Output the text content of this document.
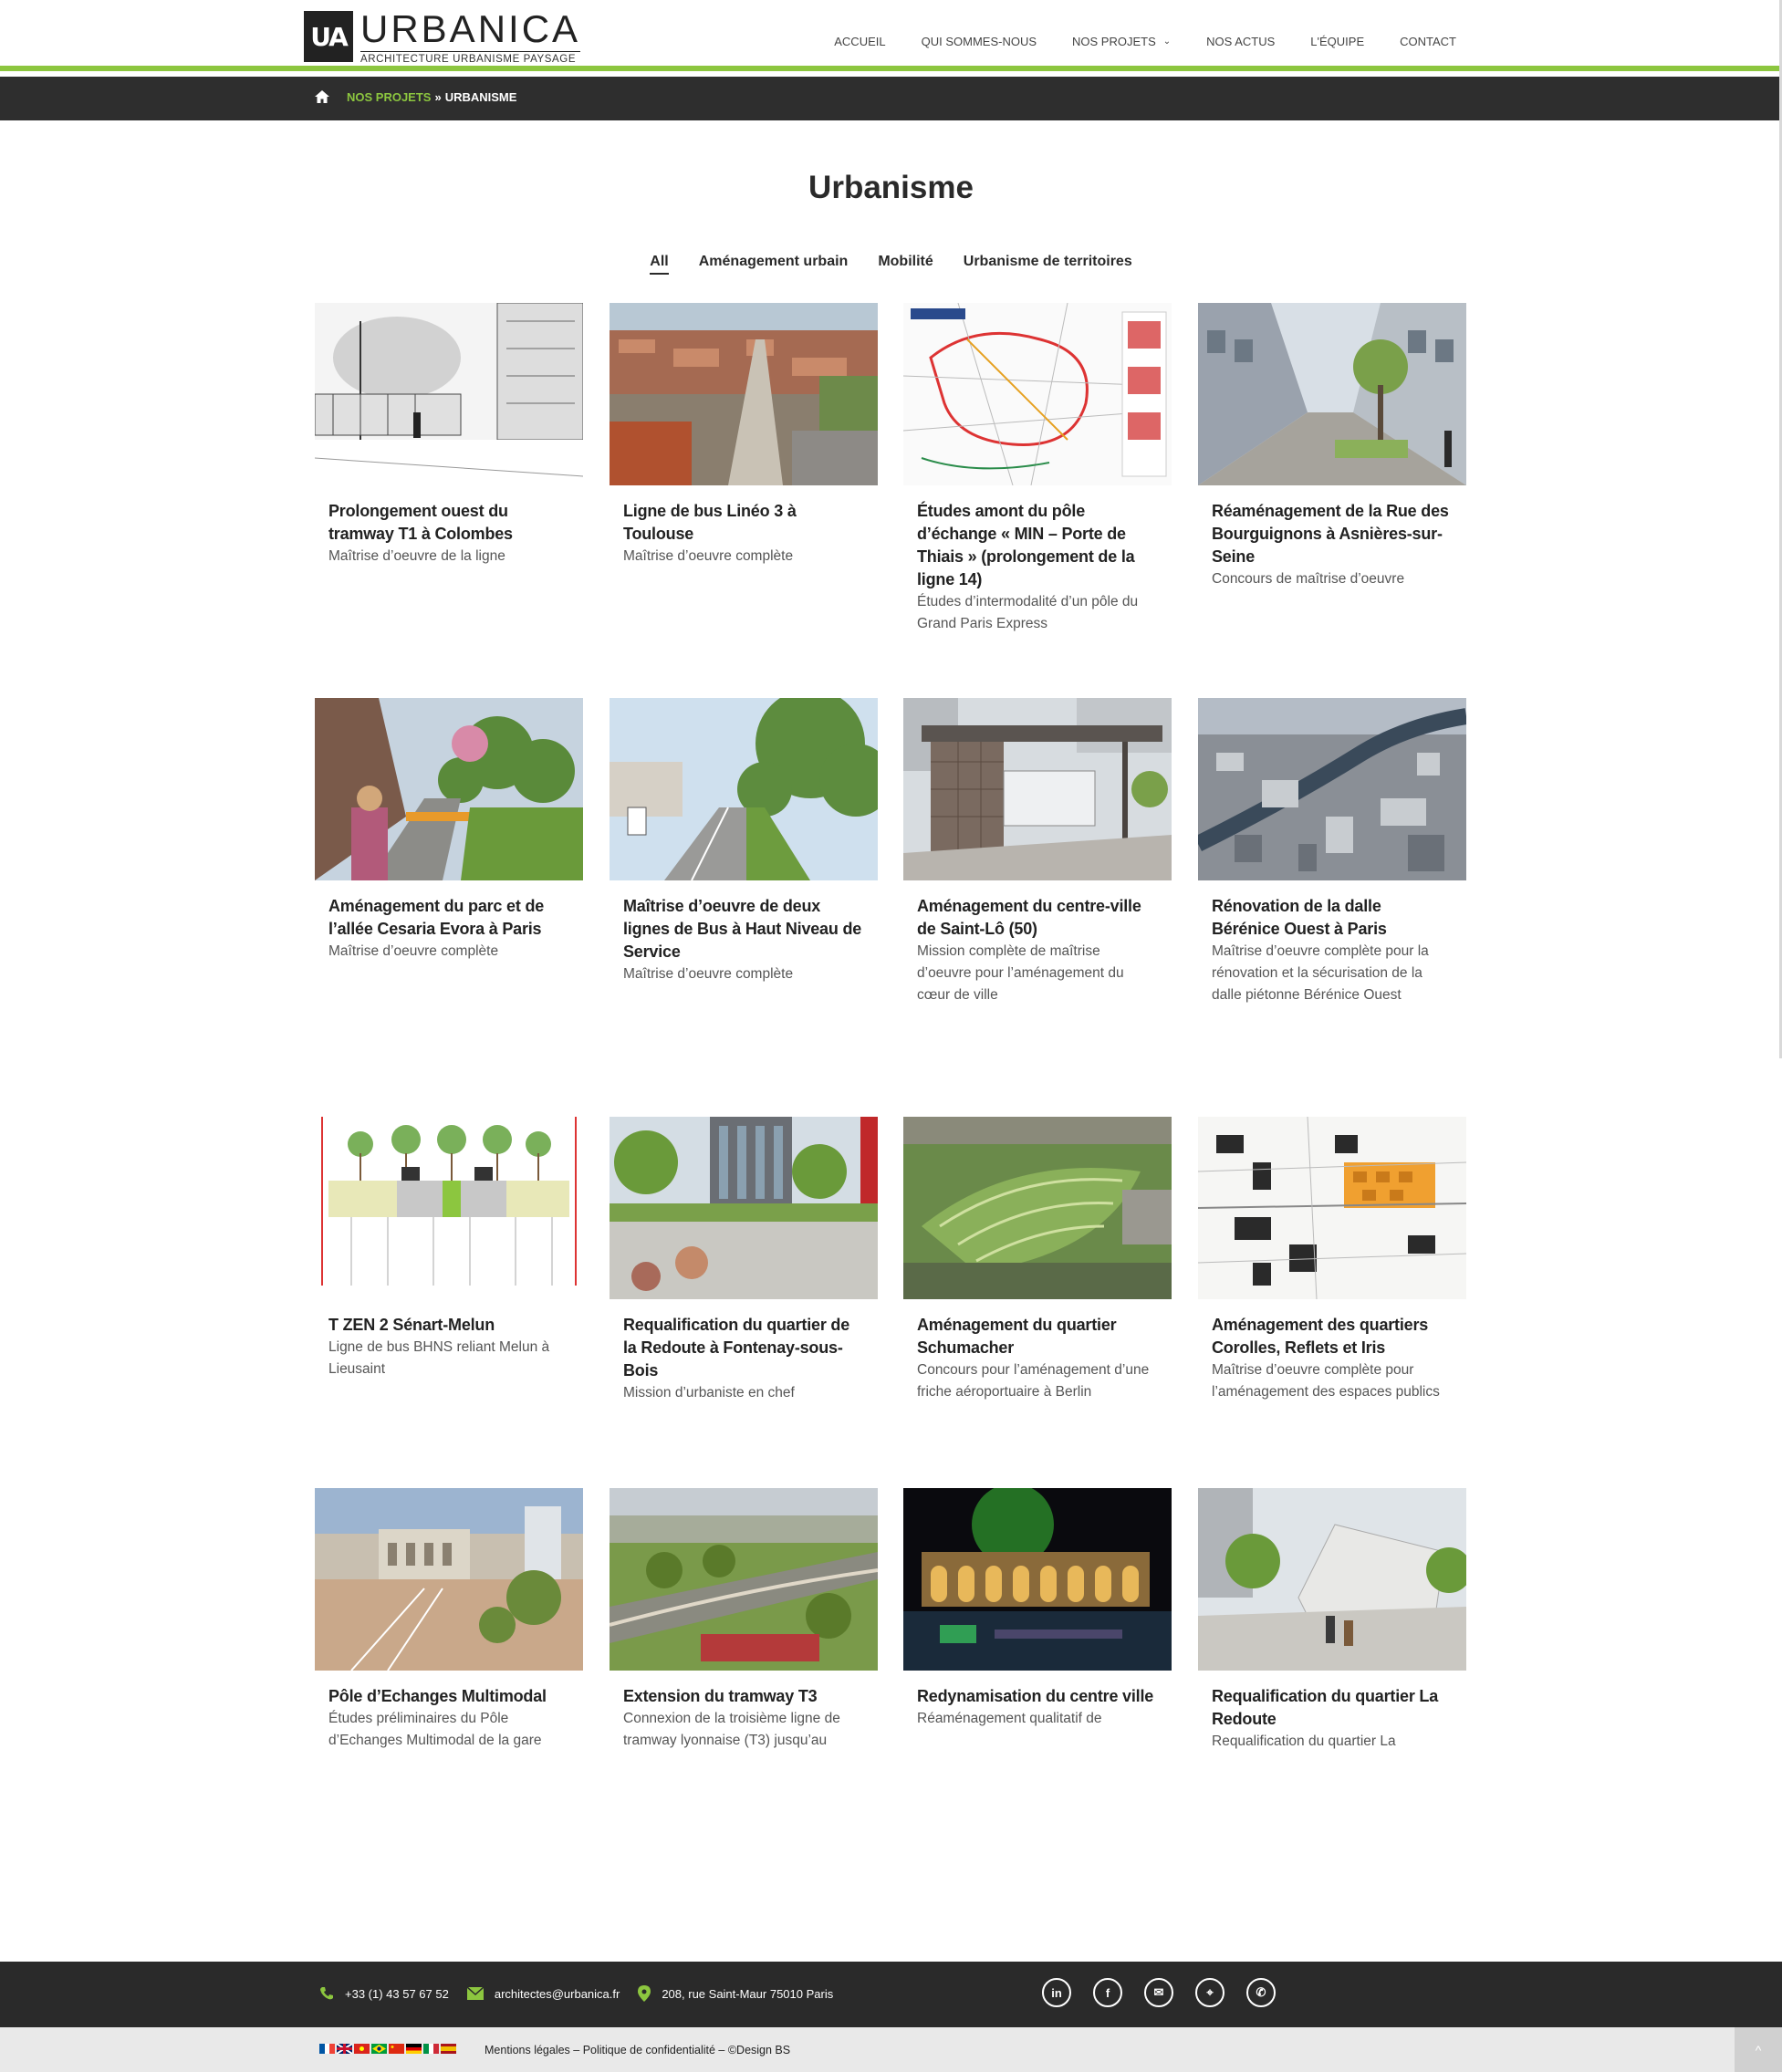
UA URBANICA
ARCHITECTURE URBANISME PAYSAGE
ACCUEIL	QUI SOMMES-NOUS	NOS PROJETS ⌄	NOS ACTUS	L'ÉQUIPE	CONTACT
NOS PROJETS » URBANISME
Urbanisme
All Aménagement urbain Mobilité Urbanisme de territoires
Prolongement ouest du tramway T1 à Colombes
Maîtrise d’oeuvre de la ligne
Ligne de bus Linéo 3 à Toulouse
Maîtrise d’oeuvre complète
Études amont du pôle d’échange « MIN – Porte de Thiais » (prolongement de la ligne 14)
Études d’intermodalité d’un pôle du Grand Paris Express
Réaménagement de la Rue des Bourguignons à Asnières-sur-Seine
Concours de maîtrise d’oeuvre
Aménagement du parc et de l’allée Cesaria Evora à Paris
Maîtrise d’oeuvre complète
Maîtrise d’oeuvre de deux lignes de Bus à Haut Niveau de Service
Maîtrise d’oeuvre complète
Aménagement du centre-ville de Saint-Lô (50)
Mission complète de maîtrise d’oeuvre pour l’aménagement du cœur de ville
Rénovation de la dalle Bérénice Ouest à Paris
Maîtrise d’oeuvre complète pour la rénovation et la sécurisation de la dalle piétonne Bérénice Ouest
T ZEN 2 Sénart-Melun
Ligne de bus BHNS reliant Melun à Lieusaint
Requalification du quartier de la Redoute à Fontenay-sous-Bois
Mission d’urbaniste en chef
Aménagement du quartier Schumacher
Concours pour l’aménagement d’une friche aéroportuaire à Berlin
Aménagement des quartiers Corolles, Reflets et Iris
Maîtrise d’oeuvre complète pour l’aménagement des espaces publics
Pôle d’Echanges Multimodal
Études préliminaires du Pôle d’Echanges Multimodal de la gare
Extension du tramway T3
Connexion de la troisième ligne de tramway lyonnaise (T3) jusqu’au
Redynamisation du centre ville
Réaménagement qualitatif de
Requalification du quartier La Redoute
Requalification du quartier La
+33 (1) 43 57 67 52	architectes@urbanica.fr	208, rue Saint-Maur 75010 Paris	in	f	✉	⌖	✆
Mentions légales – Politique de confidentialité – ©Design BS	^
